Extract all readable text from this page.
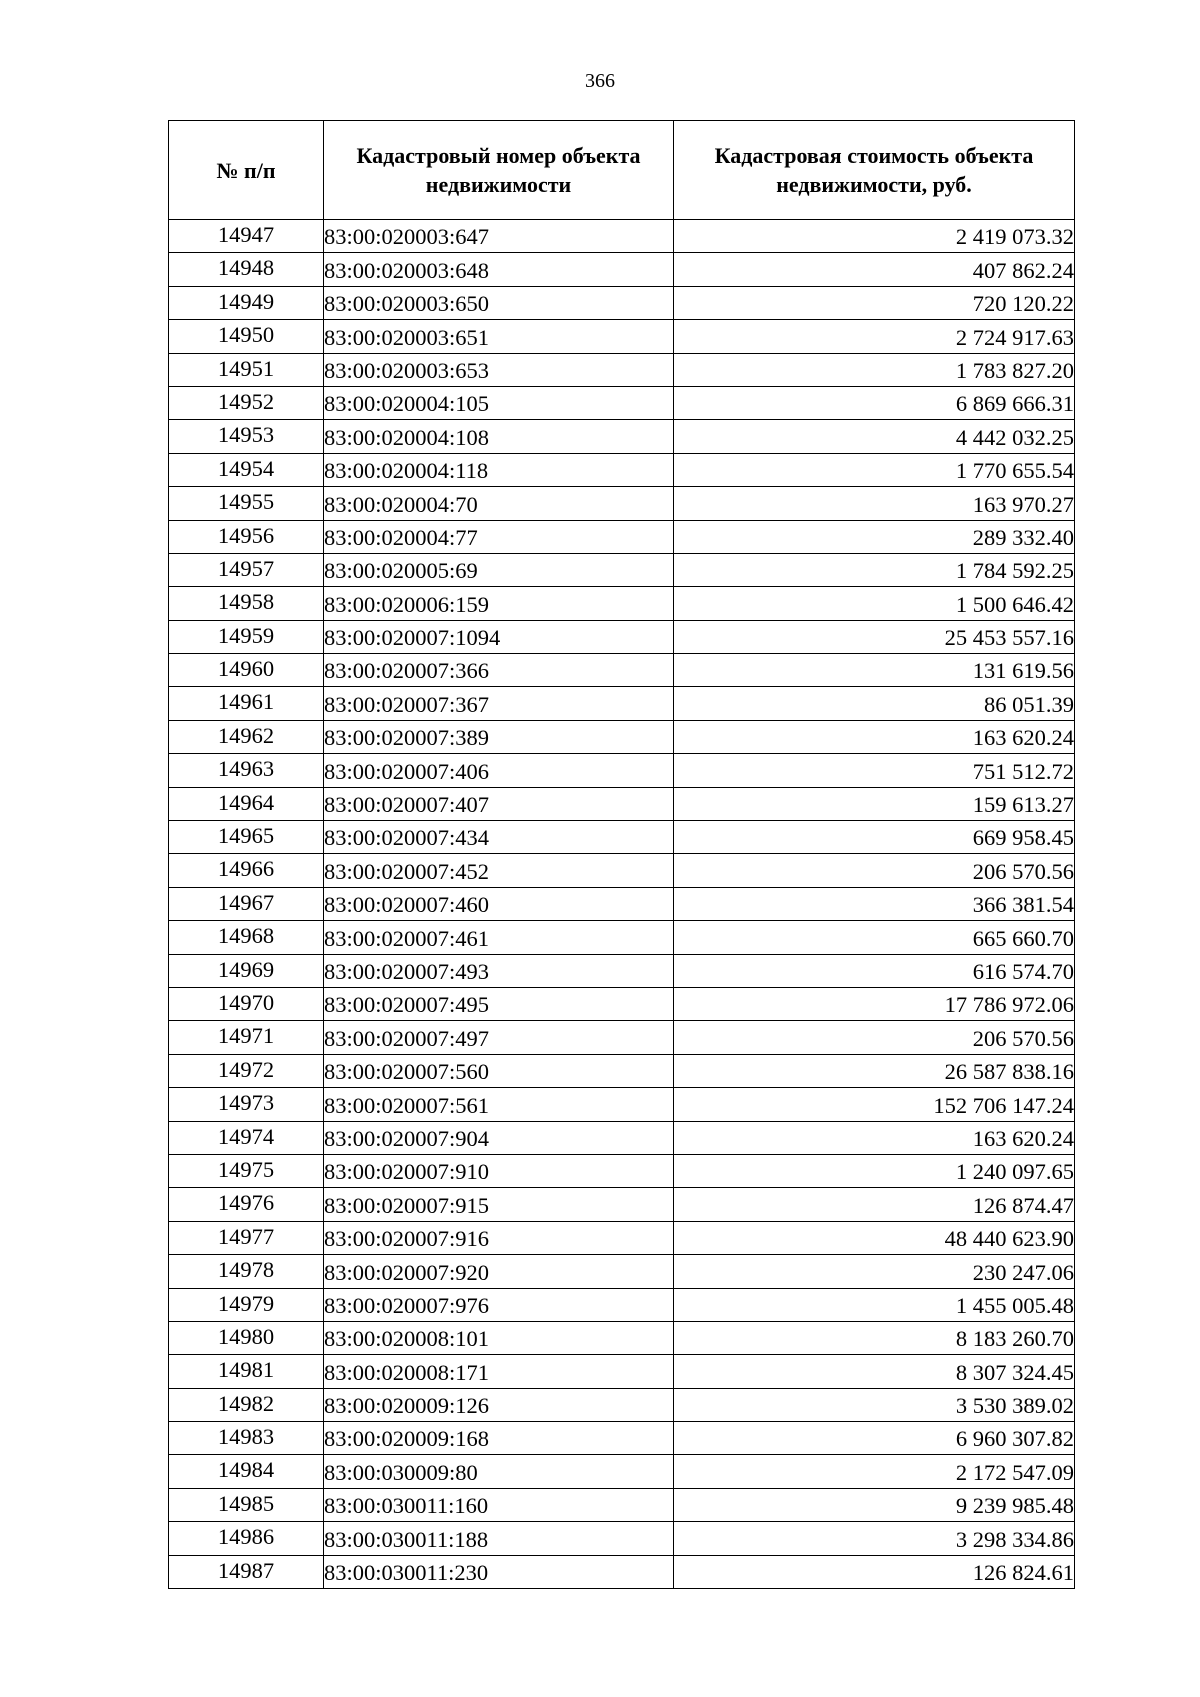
366
№ п/п	Кадастровый номер объекта недвижимости	Кадастровая стоимость объекта недвижимости, руб.
14947	83:00:020003:647	2 419 073.32
14948	83:00:020003:648	407 862.24
14949	83:00:020003:650	720 120.22
14950	83:00:020003:651	2 724 917.63
14951	83:00:020003:653	1 783 827.20
14952	83:00:020004:105	6 869 666.31
14953	83:00:020004:108	4 442 032.25
14954	83:00:020004:118	1 770 655.54
14955	83:00:020004:70	163 970.27
14956	83:00:020004:77	289 332.40
14957	83:00:020005:69	1 784 592.25
14958	83:00:020006:159	1 500 646.42
14959	83:00:020007:1094	25 453 557.16
14960	83:00:020007:366	131 619.56
14961	83:00:020007:367	86 051.39
14962	83:00:020007:389	163 620.24
14963	83:00:020007:406	751 512.72
14964	83:00:020007:407	159 613.27
14965	83:00:020007:434	669 958.45
14966	83:00:020007:452	206 570.56
14967	83:00:020007:460	366 381.54
14968	83:00:020007:461	665 660.70
14969	83:00:020007:493	616 574.70
14970	83:00:020007:495	17 786 972.06
14971	83:00:020007:497	206 570.56
14972	83:00:020007:560	26 587 838.16
14973	83:00:020007:561	152 706 147.24
14974	83:00:020007:904	163 620.24
14975	83:00:020007:910	1 240 097.65
14976	83:00:020007:915	126 874.47
14977	83:00:020007:916	48 440 623.90
14978	83:00:020007:920	230 247.06
14979	83:00:020007:976	1 455 005.48
14980	83:00:020008:101	8 183 260.70
14981	83:00:020008:171	8 307 324.45
14982	83:00:020009:126	3 530 389.02
14983	83:00:020009:168	6 960 307.82
14984	83:00:030009:80	2 172 547.09
14985	83:00:030011:160	9 239 985.48
14986	83:00:030011:188	3 298 334.86
14987	83:00:030011:230	126 824.61
